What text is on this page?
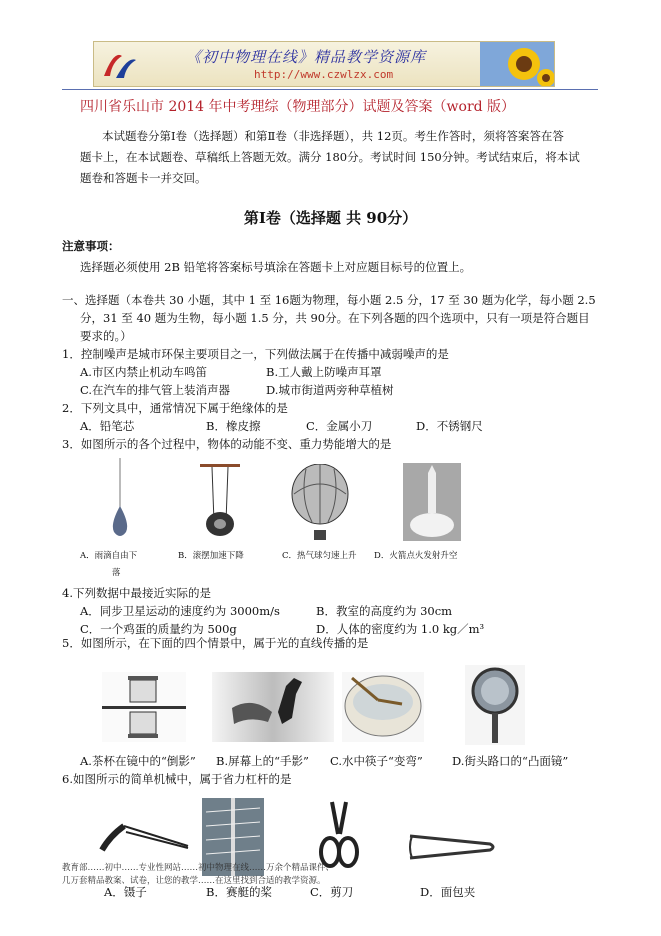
《初中物理在线》精品教学资源库
http://www.czwlzx.com
四川省乐山市 2014 年中考理综（物理部分）试题及答案（word 版）
本试题卷分第Ⅰ卷（选择题）和第Ⅱ卷（非选择题），共 12页。考生作答时，须将答案答在答
题卡上，在本试题卷、草稿纸上答题无效。满分 180分。考试时间 150分钟。考试结束后，将本试
题卷和答题卡一并交回。
第Ⅰ卷（选择题 共 90分）
注意事项：
选择题必须使用 2B 铅笔将答案标号填涂在答题卡上对应题目标号的位置上。
一、选择题（本卷共 30 小题，其中 1 至 16题为物理，每小题 2.5 分，17 至 30 题为化学，每小题 2.5
分，31 至 40 题为生物，每小题 1.5 分，共 90分。在下列各题的四个选项中，只有一项是符合题目
要求的。）
1．控制噪声是城市环保主要项目之一，下列做法属于在传播中减弱噪声的是
A.市区内禁止机动车鸣笛	B.工人戴上防噪声耳罩
C.在汽车的排气管上装消声器	D.城市街道两旁种草植树
2．下列文具中，通常情况下属于绝缘体的是
A．铅笔芯	B．橡皮擦	C．金属小刀	D．不锈钢尺
3．如图所示的各个过程中，物体的动能不变、重力势能增大的是
A．雨滴自由下
落
B．滚摆加速下降	C．热气球匀速上升 D．火箭点火发射升空
4.下列数据中最接近实际的是
A．同步卫星运动的速度约为 3000m/s	B．教室的高度约为 30cm
C．一个鸡蛋的质量约为 500g	D．人体的密度约为 1.0 kg／m³
5．如图所示，在下面的四个情景中，属于光的直线传播的是
A.茶杯在镜中的“倒影” B.屏幕上的“手影” C.水中筷子“变弯”	D.街头路口的“凸面镜”
6.如图所示的简单机械中，属于省力杠杆的是
教育部……初中……专业性网站……初中物理在线……万余个精品课件、
几万套精品教案、试卷，让您的教学……在这里找到合适的教学资源。
A．镊子	B．赛艇的桨	C．剪刀	D．面包夹
